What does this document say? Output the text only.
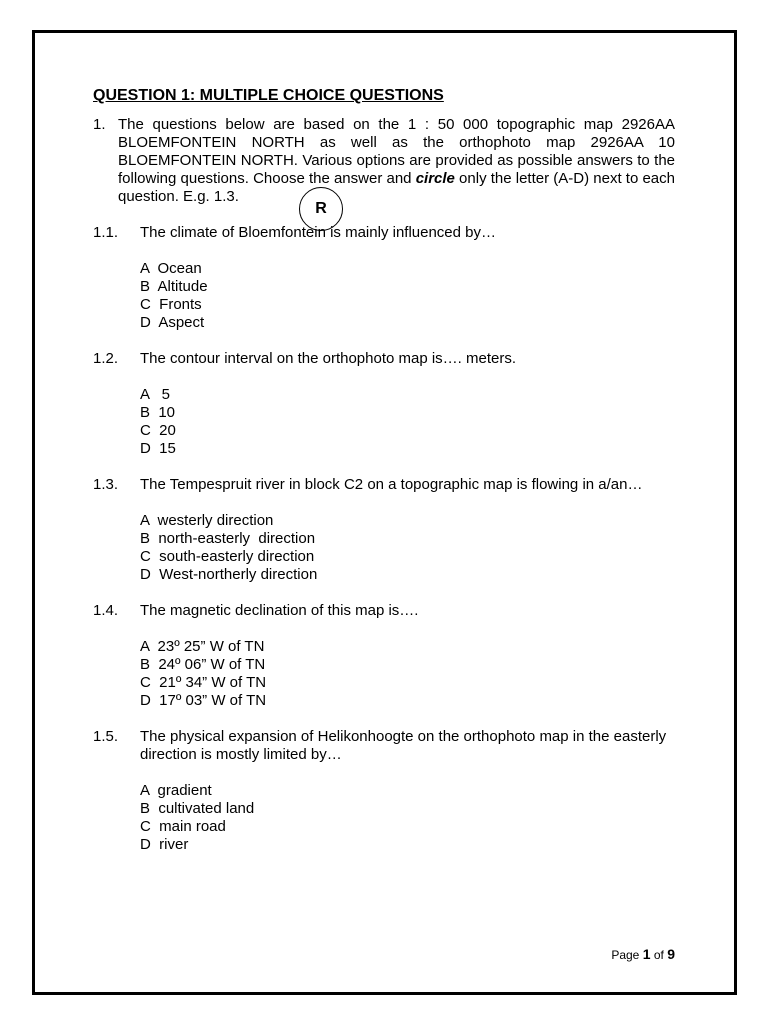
QUESTION 1: MULTIPLE CHOICE QUESTIONS
1. The questions below are based on the 1 : 50 000 topographic map 2926AA BLOEMFONTEIN NORTH as well as the orthophoto map 2926AA 10 BLOEMFONTEIN NORTH. Various options are provided as possible answers to the following questions. Choose the answer and circle only the letter (A-D) next to each question. E.g. 1.3.
1.1.	The climate of Bloemfontein is mainly influenced by…
A  Ocean
B  Altitude
C  Fronts
D  Aspect
1.2.	The contour interval on the orthophoto map is…. meters.
A   5
B  10
C  20
D  15
1.3.	The Tempespruit river in block C2 on a topographic map is flowing in a/an…
A  westerly direction
B  north-easterly  direction
C  south-easterly direction
D  West-northerly direction
1.4.	The magnetic declination of this map is….
A  23º 25” W of TN
B  24º 06” W of TN
C  21º 34” W of TN
D  17º 03” W of TN
1.5.	The physical expansion of Helikonhoogte on the orthophoto map in the easterly direction is mostly limited by…
A  gradient
B  cultivated land
C  main road
D  river
R
Page 1 of 9
